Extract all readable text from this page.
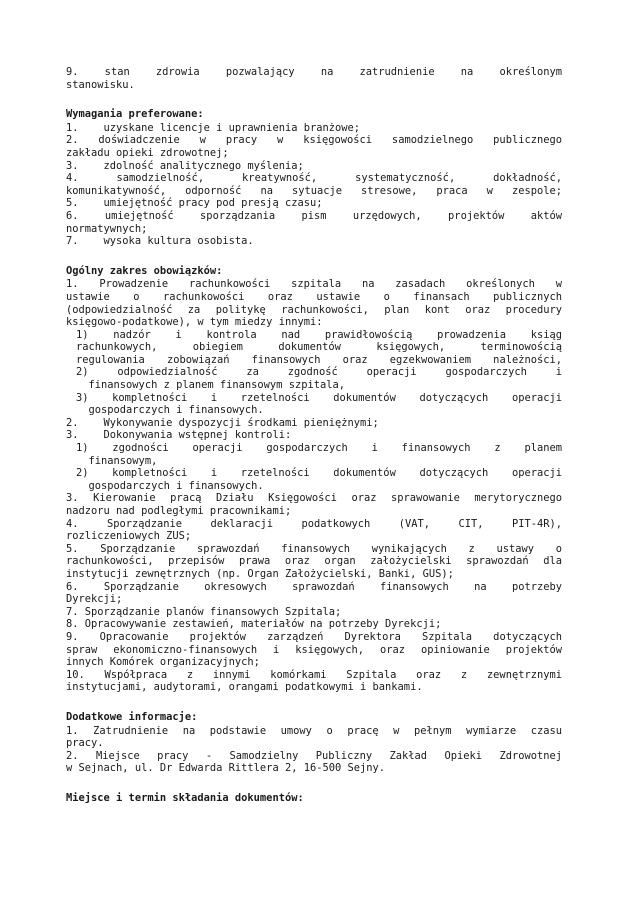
9. stan zdrowia pozwalający na zatrudnienie na określonym
stanowisku.
Wymagania preferowane:
1.    uzyskane licencje i uprawnienia branżowe;
2. doświadczenie w pracy w księgowości samodzielnego publicznego
zakładu opieki zdrowotnej;
3.    zdolność analitycznego myślenia;
4. samodzielność, kreatywność, systematyczność, dokładność,
komunikatywność, odporność na sytuacje stresowe, praca w zespole;
5.    umiejętność pracy pod presją czasu;
6. umiejętność sporządzania pism urzędowych, projektów aktów
normatywnych;
7.    wysoka kultura osobista.
Ogólny zakres obowiązków:
1. Prowadzenie rachunkowości szpitala na zasadach określonych w
ustawie o rachunkowości oraz ustawie o finansach publicznych
(odpowiedzialność za politykę rachunkowości, plan kont oraz procedury
księgowo-podatkowe), w tym miedzy innymi:
1) nadzór i kontrola nad prawidłowością prowadzenia ksiąg
rachunkowych, obiegiem dokumentów księgowych, terminowością
regulowania zobowiązań finansowych oraz egzekwowaniem należności,
2) odpowiedzialność za zgodność operacji gospodarczych i
finansowych z planem finansowym szpitala,
3) kompletności i rzetelności dokumentów dotyczących operacji
gospodarczych i finansowych.
2.    Wykonywanie dyspozycji środkami pieniężnymi;
3.    Dokonywania wstępnej kontroli:
1) zgodności operacji gospodarczych i finansowych z planem
finansowym,
2) kompletności i rzetelności dokumentów dotyczących operacji
gospodarczych i finansowych.
3. Kierowanie pracą Działu Księgowości oraz sprawowanie merytorycznego
nadzoru nad podległymi pracownikami;
4. Sporządzanie deklaracji podatkowych (VAT, CIT, PIT-4R),
rozliczeniowych ZUS;
5. Sporządzanie sprawozdań finansowych wynikających z ustawy o
rachunkowości, przepisów prawa oraz organ założycielski sprawozdań dla
instytucji zewnętrznych (np. Organ Założycielski, Banki, GUS);
6. Sporządzanie okresowych sprawozdań finansowych na potrzeby
Dyrekcji;
7. Sporządzanie planów finansowych Szpitala;
8. Opracowywanie zestawień, materiałów na potrzeby Dyrekcji;
9. Opracowanie projektów zarządzeń Dyrektora Szpitala dotyczących
spraw ekonomiczno-finansowych i księgowych, oraz opiniowanie projektów
innych Komórek organizacyjnych;
10. Współpraca z innymi komórkami Szpitala oraz z zewnętrznymi
instytucjami, audytorami, orangami podatkowymi i bankami.
Dodatkowe informacje:
1. Zatrudnienie na podstawie umowy o pracę w pełnym wymiarze czasu
pracy.
2. Miejsce pracy - Samodzielny Publiczny Zakład Opieki Zdrowotnej
w Sejnach, ul. Dr Edwarda Rittlera 2, 16-500 Sejny.
Miejsce i termin składania dokumentów:
